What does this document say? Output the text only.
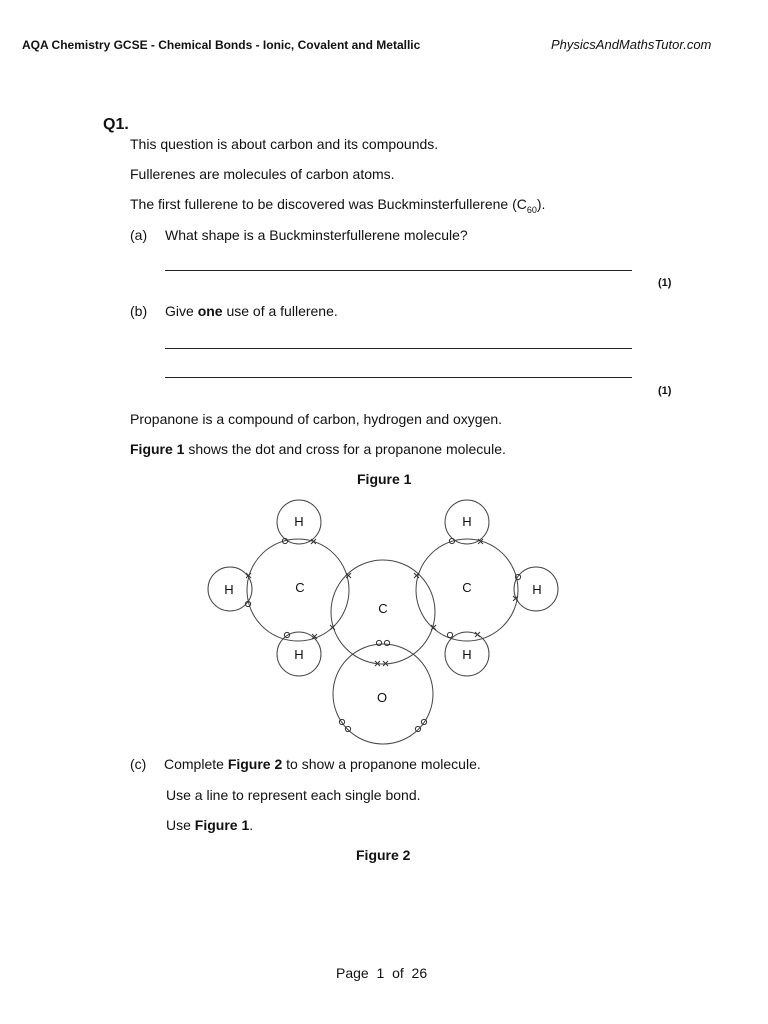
AQA Chemistry GCSE - Chemical Bonds - Ionic, Covalent and Metallic	PhysicsAndMathsTutor.com
Q1.
This question is about carbon and its compounds.
Fullerenes are molecules of carbon atoms.
The first fullerene to be discovered was Buckminsterfullerene $(C_{60})$.
(a) What shape is a Buckminsterfullerene molecule?
(1)
(b) Give one use of a fullerene.
(1)
Propanone is a compound of carbon, hydrogen and oxygen.
Figure 1 shows the dot and cross for a propanone molecule.
Figure 1
H
H
H
C
C
C
H
H
H
O
(c) Complete Figure 2 to show a propanone molecule.
Use a line to represent each single bond.
Use Figure 1.
Figure 2
Page 1 of 26
